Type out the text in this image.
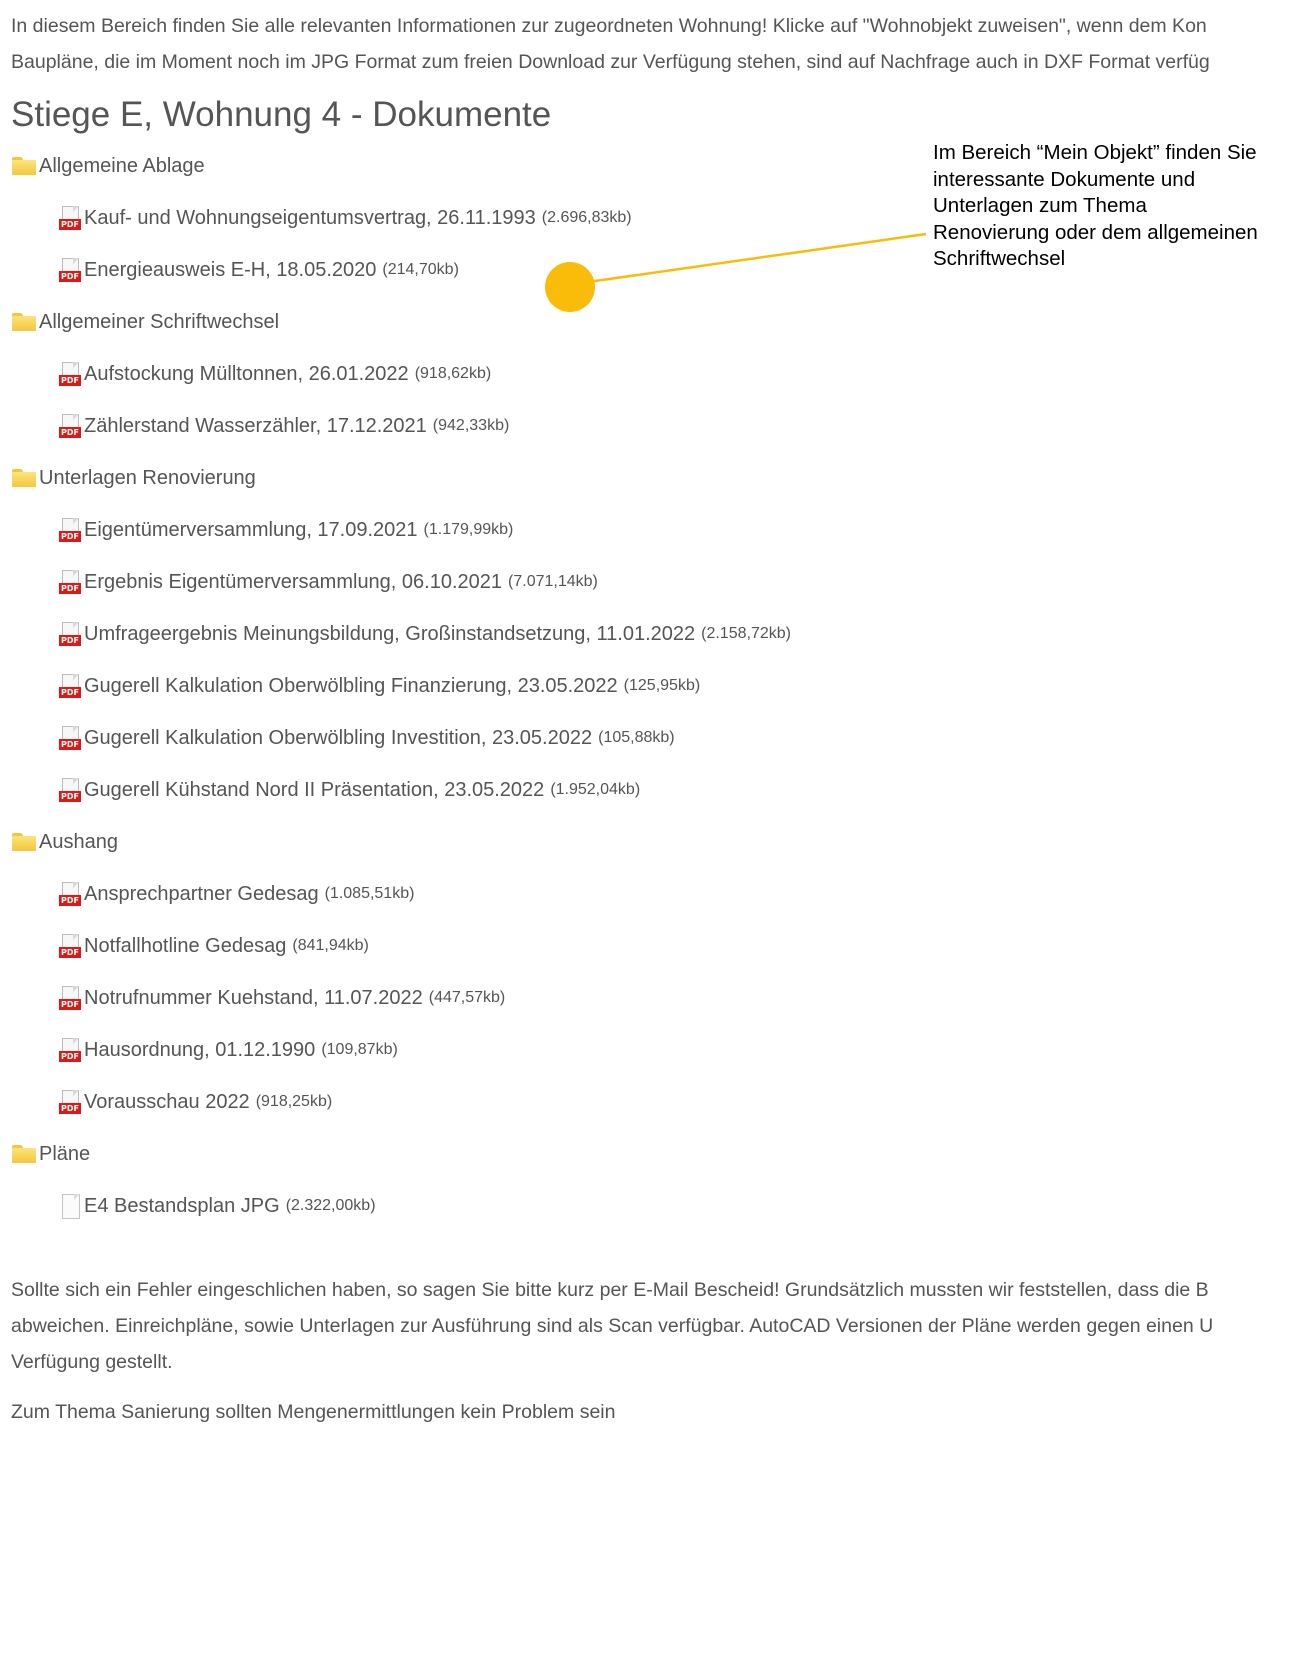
In diesem Bereich finden Sie alle relevanten Informationen zur zugeordneten Wohnung! Klicke auf "Wohnobjekt zuweisen", wenn dem Kon

Baupläne, die im Moment noch im JPG Format zum freien Download zur Verfügung stehen, sind auf Nachfrage auch in DXF Format verfüg

Stiege E, Wohnung 4 - Dokumente
Allgemeine Ablage
PDF Kauf- und Wohnungseigentumsvertrag, 26.11.1993 (2.696,83kb)
PDF Energieausweis E-H, 18.05.2020 (214,70kb)
Allgemeiner Schriftwechsel
PDF Aufstockung Mülltonnen, 26.01.2022 (918,62kb)
PDF Zählerstand Wasserzähler, 17.12.2021 (942,33kb)
Unterlagen Renovierung
PDF Eigentümerversammlung, 17.09.2021 (1.179,99kb)
PDF Ergebnis Eigentümerversammlung, 06.10.2021 (7.071,14kb)
PDF Umfrageergebnis Meinungsbildung, Großinstandsetzung, 11.01.2022 (2.158,72kb)
PDF Gugerell Kalkulation Oberwölbling Finanzierung, 23.05.2022 (125,95kb)
PDF Gugerell Kalkulation Oberwölbling Investition, 23.05.2022 (105,88kb)
PDF Gugerell Kühstand Nord II Präsentation, 23.05.2022 (1.952,04kb)
Aushang
PDF Ansprechpartner Gedesag (1.085,51kb)
PDF Notfallhotline Gedesag (841,94kb)
PDF Notrufnummer Kuehstand, 11.07.2022 (447,57kb)
PDF Hausordnung, 01.12.1990 (109,87kb)
PDF Vorausschau 2022 (918,25kb)
Pläne
E4 Bestandsplan JPG (2.322,00kb)

Sollte sich ein Fehler eingeschlichen haben, so sagen Sie bitte kurz per E-Mail Bescheid! Grundsätzlich mussten wir feststellen, dass die B

abweichen. Einreichpläne, sowie Unterlagen zur Ausführung sind als Scan verfügbar. AutoCAD Versionen der Pläne werden gegen einen U

Verfügung gestellt.

Zum Thema Sanierung sollten Mengenermittlungen kein Problem sein

Im Bereich “Mein Objekt” finden Sie interessante Dokumente und Unterlagen zum Thema Renovierung oder dem allgemeinen Schriftwechsel
